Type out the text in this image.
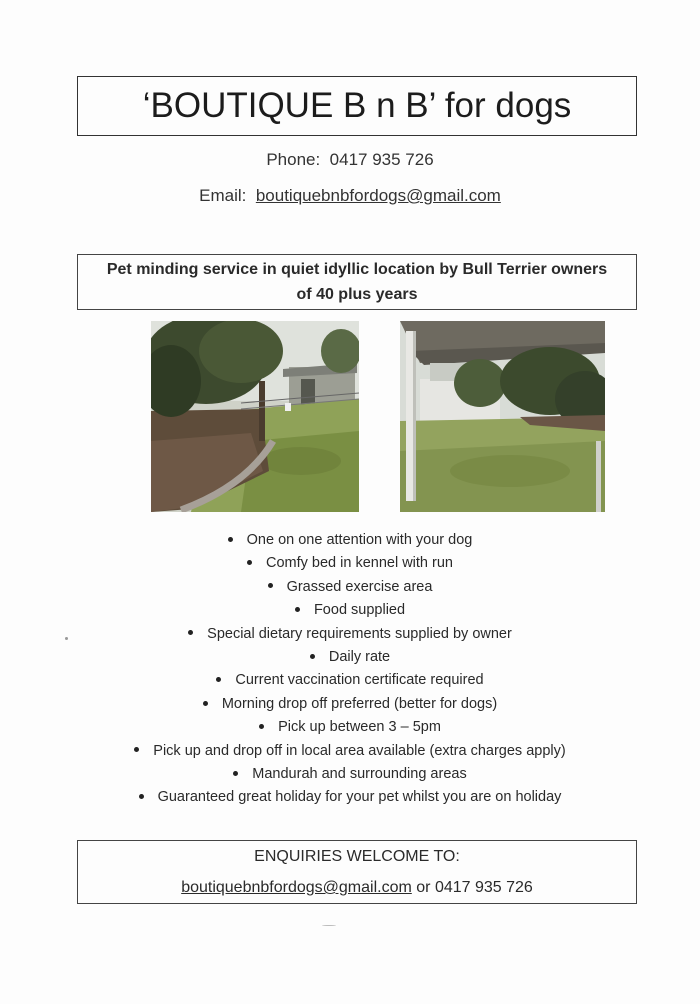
‘BOUTIQUE B n B’ for dogs
Phone: 0417 935 726
Email: boutiquebnbfordogs@gmail.com
Pet minding service in quiet idyllic location by Bull Terrier owners
of 40 plus years
One on one attention with your dog
Comfy bed in kennel with run
Grassed exercise area
Food supplied
Special dietary requirements supplied by owner
Daily rate
Current vaccination certificate required
Morning drop off preferred (better for dogs)
Pick up between 3 – 5pm
Pick up and drop off in local area available (extra charges apply)
Mandurah and surrounding areas
Guaranteed great holiday for your pet whilst you are on holiday
ENQUIRIES WELCOME TO:
boutiquebnbfordogs@gmail.com or 0417 935 726
